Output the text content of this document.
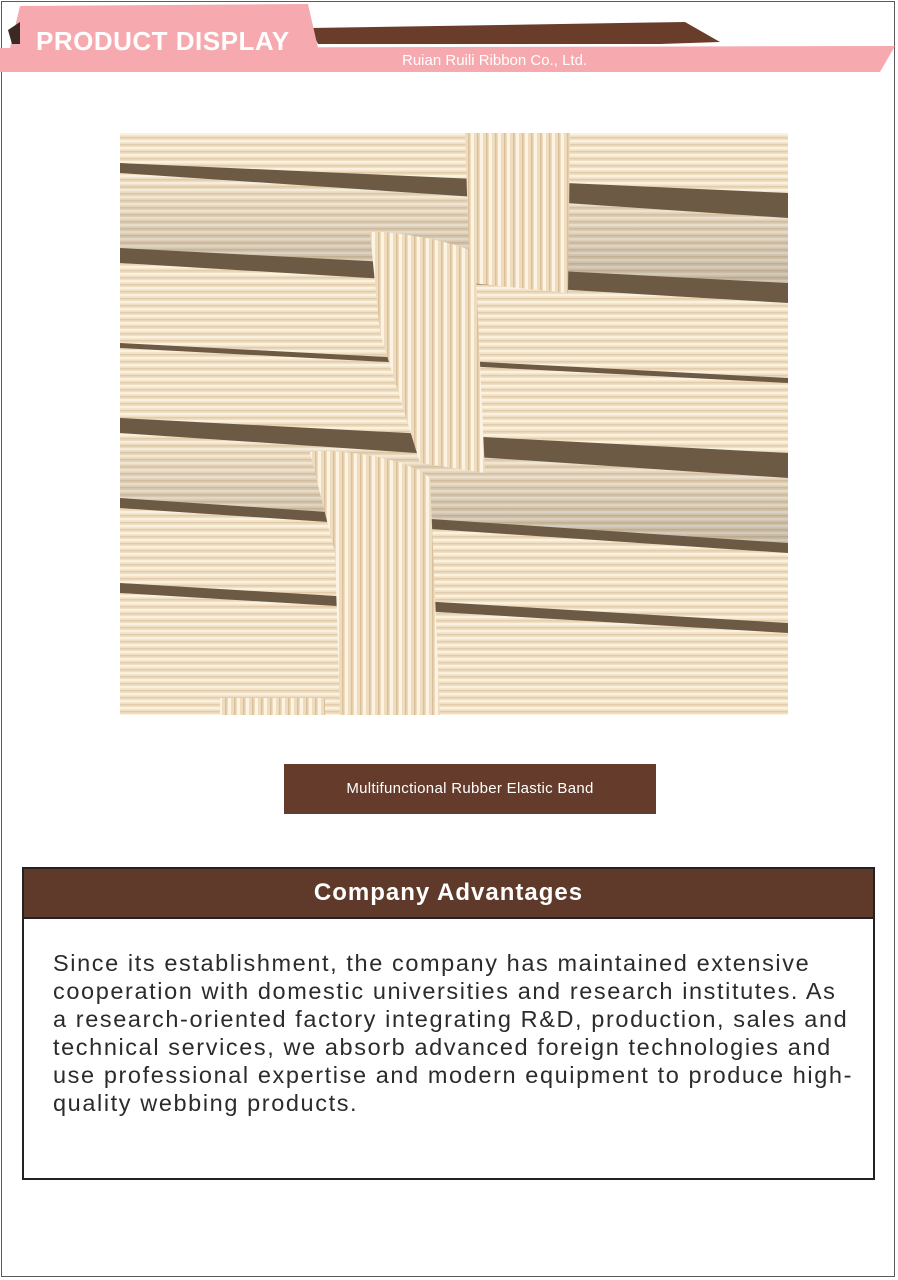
PRODUCT DISPLAY
Ruian Ruili Ribbon Co., Ltd.
Multifunctional Rubber Elastic Band
Company Advantages

Since its establishment, the company has maintained extensive cooperation with domestic universities and research institutes. As a research-oriented factory integrating R&D, production, sales and technical services, we absorb advanced foreign technologies and use professional expertise and modern equipment to produce high-quality webbing products.
